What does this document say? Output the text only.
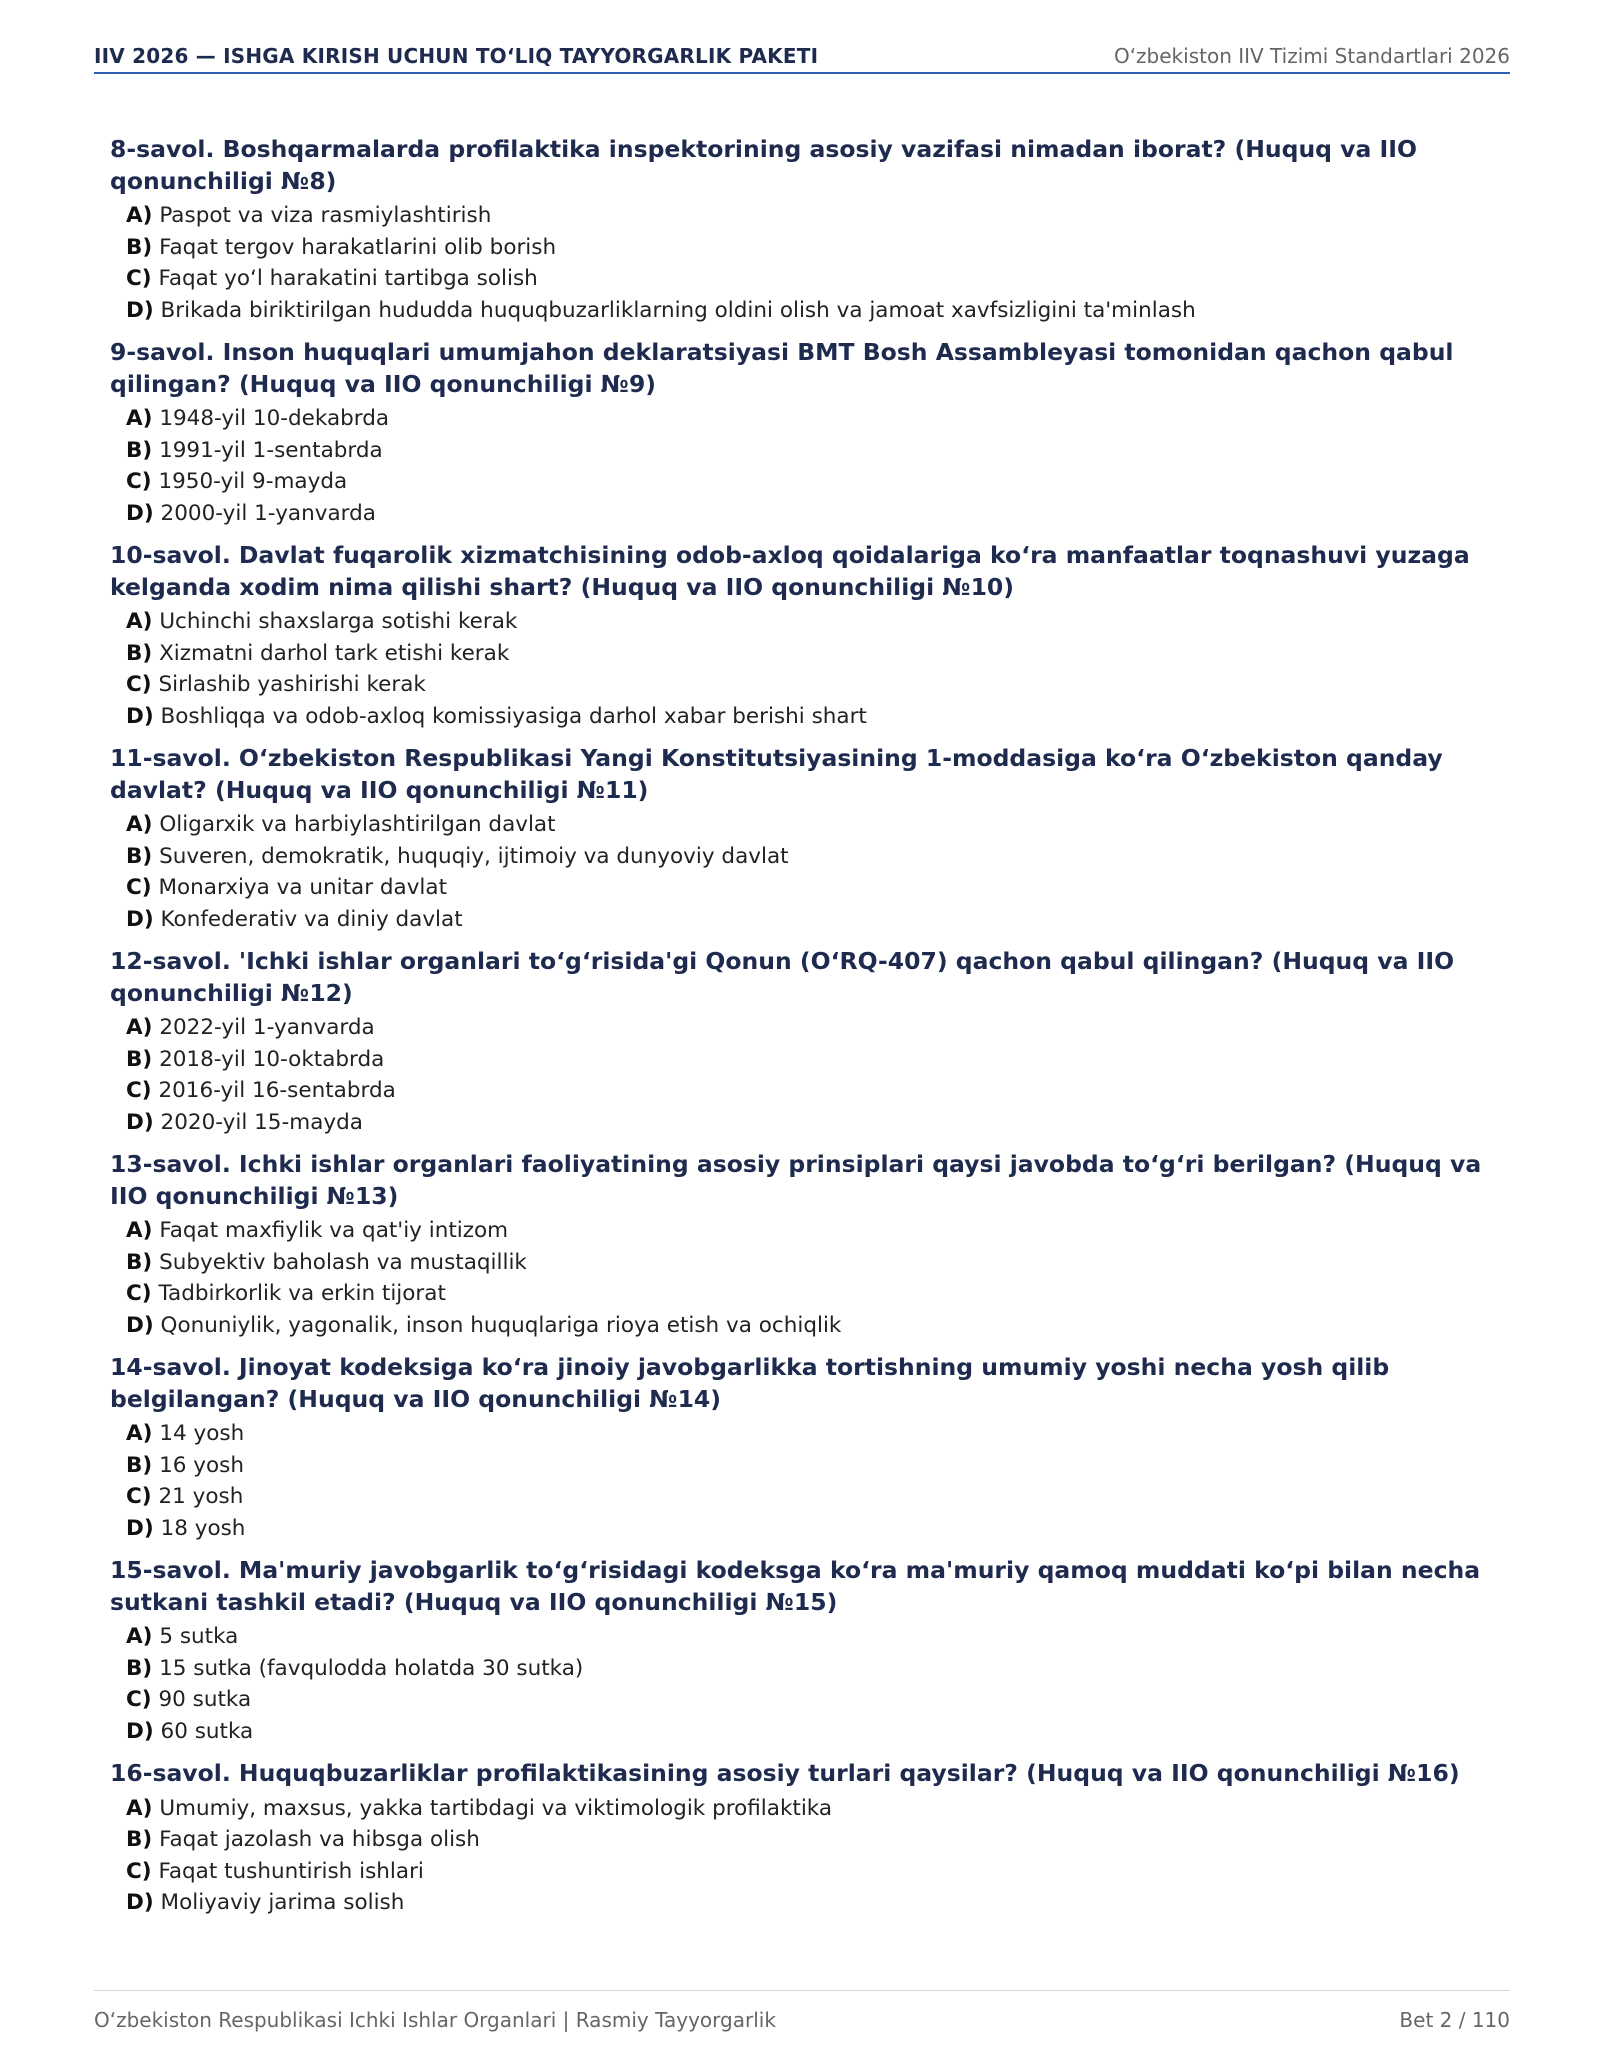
IIV 2026 — ISHGA KIRISH UCHUN TO‘LIQ TAYYORGARLIK PAKETI	O‘zbekiston IIV Tizimi Standartlari 2026
8-savol. Boshqarmalarda profilaktika inspektorining asosiy vazifasi nimadan iborat? (Huquq va IIO qonunchiligi №8)
A) Paspot va viza rasmiylashtirish
B) Faqat tergov harakatlarini olib borish
C) Faqat yo‘l harakatini tartibga solish
D) Brikada biriktirilgan hududda huquqbuzarliklarning oldini olish va jamoat xavfsizligini ta'minlash
9-savol. Inson huquqlari umumjahon deklaratsiyasi BMT Bosh Assambleyasi tomonidan qachon qabul qilingan? (Huquq va IIO qonunchiligi №9)
A) 1948-yil 10-dekabrda
B) 1991-yil 1-sentabrda
C) 1950-yil 9-mayda
D) 2000-yil 1-yanvarda
10-savol. Davlat fuqarolik xizmatchisining odob-axloq qoidalariga ko‘ra manfaatlar toqnashuvi yuzaga kelganda xodim nima qilishi shart? (Huquq va IIO qonunchiligi №10)
A) Uchinchi shaxslarga sotishi kerak
B) Xizmatni darhol tark etishi kerak
C) Sirlashib yashirishi kerak
D) Boshliqqa va odob-axloq komissiyasiga darhol xabar berishi shart
11-savol. O‘zbekiston Respublikasi Yangi Konstitutsiyasining 1-moddasiga ko‘ra O‘zbekiston qanday davlat? (Huquq va IIO qonunchiligi №11)
A) Oligarxik va harbiylashtirilgan davlat
B) Suveren, demokratik, huquqiy, ijtimoiy va dunyoviy davlat
C) Monarxiya va unitar davlat
D) Konfederativ va diniy davlat
12-savol. 'Ichki ishlar organlari to‘g‘risida'gi Qonun (O‘RQ-407) qachon qabul qilingan? (Huquq va IIO qonunchiligi №12)
A) 2022-yil 1-yanvarda
B) 2018-yil 10-oktabrda
C) 2016-yil 16-sentabrda
D) 2020-yil 15-mayda
13-savol. Ichki ishlar organlari faoliyatining asosiy prinsiplari qaysi javobda to‘g‘ri berilgan? (Huquq va IIO qonunchiligi №13)
A) Faqat maxfiylik va qat'iy intizom
B) Subyektiv baholash va mustaqillik
C) Tadbirkorlik va erkin tijorat
D) Qonuniylik, yagonalik, inson huquqlariga rioya etish va ochiqlik
14-savol. Jinoyat kodeksiga ko‘ra jinoiy javobgarlikka tortishning umumiy yoshi necha yosh qilib belgilangan? (Huquq va IIO qonunchiligi №14)
A) 14 yosh
B) 16 yosh
C) 21 yosh
D) 18 yosh
15-savol. Ma'muriy javobgarlik to‘g‘risidagi kodeksga ko‘ra ma'muriy qamoq muddati ko‘pi bilan necha sutkani tashkil etadi? (Huquq va IIO qonunchiligi №15)
A) 5 sutka
B) 15 sutka (favqulodda holatda 30 sutka)
C) 90 sutka
D) 60 sutka
16-savol. Huquqbuzarliklar profilaktikasining asosiy turlari qaysilar? (Huquq va IIO qonunchiligi №16)
A) Umumiy, maxsus, yakka tartibdagi va viktimologik profilaktika
B) Faqat jazolash va hibsga olish
C) Faqat tushuntirish ishlari
D) Moliyaviy jarima solish
O‘zbekiston Respublikasi Ichki Ishlar Organlari | Rasmiy Tayyorgarlik	Bet 2 / 110
